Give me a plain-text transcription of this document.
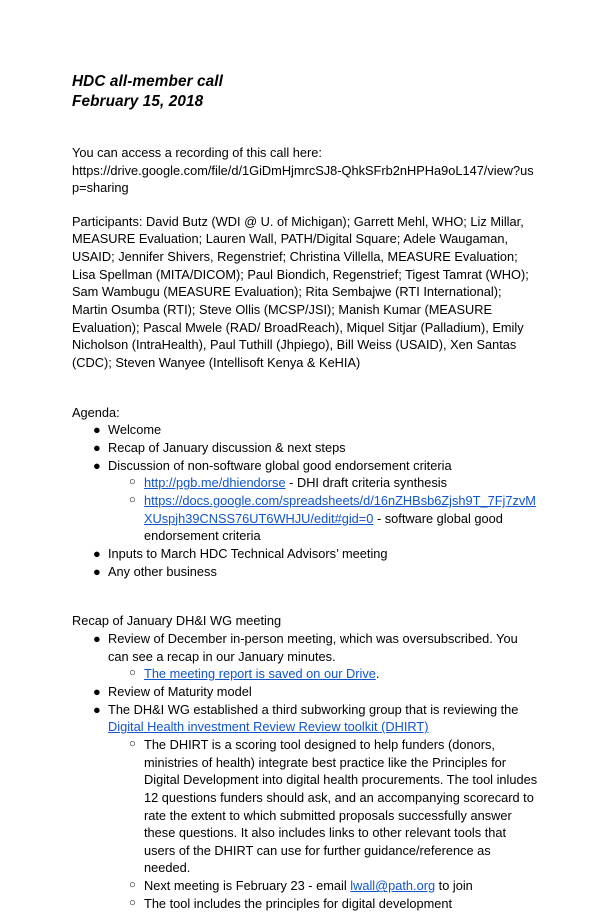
HDC all-member call
February 15, 2018

You can access a recording of this call here:

https://drive.google.com/file/d/1GiDmHjmrcSJ8-QhkSFrb2nHPHa9oL147/view?usp=sharing

Participants: David Butz (WDI @ U. of Michigan); Garrett Mehl, WHO; Liz Millar, MEASURE Evaluation; Lauren Wall, PATH/Digital Square; Adele Waugaman, USAID; Jennifer Shivers, Regenstrief; Christina Villella, MEASURE Evaluation; Lisa Spellman (MITA/DICOM); Paul Biondich, Regenstrief; Tigest Tamrat (WHO); Sam Wambugu (MEASURE Evaluation); Rita Sembajwe (RTI International); Martin Osumba (RTI); Steve Ollis (MCSP/JSI); Manish Kumar (MEASURE Evaluation); Pascal Mwele (RAD/ BroadReach), Miquel Sitjar (Palladium), Emily Nicholson (IntraHealth), Paul Tuthill (Jhpiego), Bill Weiss (USAID), Xen Santas (CDC); Steven Wanyee (Intellisoft Kenya & KeHIA)

Agenda:

● Welcome
● Recap of January discussion & next steps
● Discussion of non-software global good endorsement criteria
○ http://pgb.me/dhiendorse - DHI draft criteria synthesis
○ https://docs.google.com/spreadsheets/d/16nZHBsb6Zjsh9T_7Fj7zvMXUspjh39CNSS76UT6WHJU/edit#gid=0 - software global good endorsement criteria
● Inputs to March HDC Technical Advisors’ meeting
● Any other business

Recap of January DH&I WG meeting

● Review of December in-person meeting, which was oversubscribed. You can see a recap in our January minutes.
○ The meeting report is saved on our Drive.
● Review of Maturity model
● The DH&I WG established a third subworking group that is reviewing the Digital Health investment Review Review toolkit (DHIRT)
○ The DHIRT is a scoring tool designed to help funders (donors, ministries of health) integrate best practice like the Principles for Digital Development into digital health procurements. The tool inludes 12 questions funders should ask, and an accompanying scorecard to rate the extent to which submitted proposals successfully answer these questions. It also includes links to other relevant tools that users of the DHIRT can use for further guidance/reference as needed.
○ Next meeting is February 23 - email lwall@path.org to join
○ The tool includes the principles for digital development
